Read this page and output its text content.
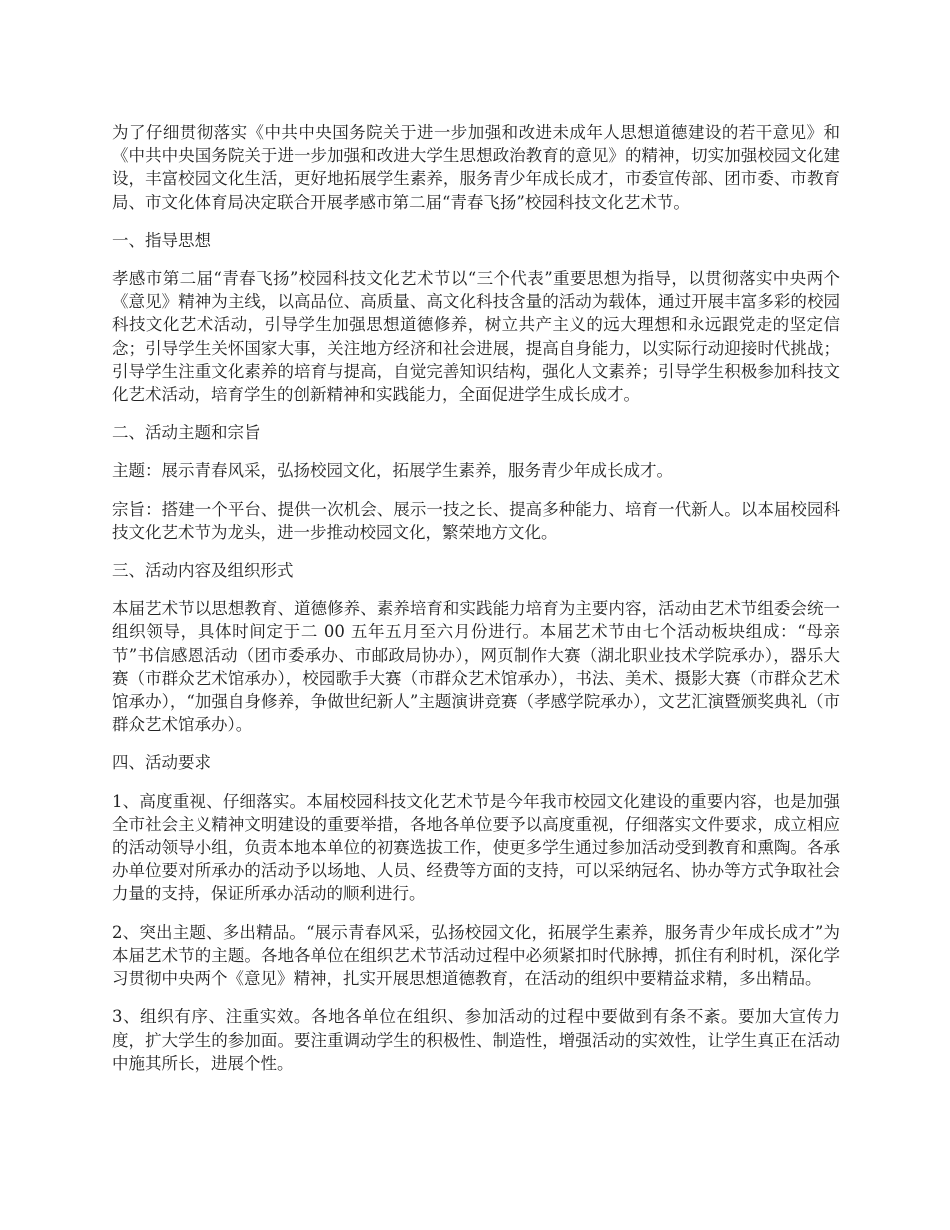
为了仔细贯彻落实《中共中央国务院关于进一步加强和改进未成年人思想道德建设的若干意见》和《中共中央国务院关于进一步加强和改进大学生思想政治教育的意见》的精神，切实加强校园文化建设，丰富校园文化生活，更好地拓展学生素养，服务青少年成长成才，市委宣传部、团市委、市教育局、市文化体育局决定联合开展孝感市第二届“青春飞扬”校园科技文化艺术节。

一、指导思想

孝感市第二届“青春飞扬”校园科技文化艺术节以“三个代表”重要思想为指导，以贯彻落实中央两个《意见》精神为主线，以高品位、高质量、高文化科技含量的活动为载体，通过开展丰富多彩的校园科技文化艺术活动，引导学生加强思想道德修养，树立共产主义的远大理想和永远跟党走的坚定信念；引导学生关怀国家大事，关注地方经济和社会进展，提高自身能力，以实际行动迎接时代挑战；引导学生注重文化素养的培育与提高，自觉完善知识结构，强化人文素养；引导学生积极参加科技文化艺术活动，培育学生的创新精神和实践能力，全面促进学生成长成才。

二、活动主题和宗旨

主题：展示青春风采，弘扬校园文化，拓展学生素养，服务青少年成长成才。

宗旨：搭建一个平台、提供一次机会、展示一技之长、提高多种能力、培育一代新人。以本届校园科技文化艺术节为龙头，进一步推动校园文化，繁荣地方文化。

三、活动内容及组织形式

本届艺术节以思想教育、道德修养、素养培育和实践能力培育为主要内容，活动由艺术节组委会统一组织领导，具体时间定于二 00 五年五月至六月份进行。本届艺术节由七个活动板块组成：“母亲节”书信感恩活动（团市委承办、市邮政局协办），网页制作大赛（湖北职业技术学院承办），器乐大赛（市群众艺术馆承办），校园歌手大赛（市群众艺术馆承办），书法、美术、摄影大赛（市群众艺术馆承办），“加强自身修养，争做世纪新人”主题演讲竞赛（孝感学院承办），文艺汇演暨颁奖典礼（市群众艺术馆承办）。

四、活动要求

1、高度重视、仔细落实。本届校园科技文化艺术节是今年我市校园文化建设的重要内容，也是加强全市社会主义精神文明建设的重要举措，各地各单位要予以高度重视，仔细落实文件要求，成立相应的活动领导小组，负责本地本单位的初赛选拔工作，使更多学生通过参加活动受到教育和熏陶。各承办单位要对所承办的活动予以场地、人员、经费等方面的支持，可以采纳冠名、协办等方式争取社会力量的支持，保证所承办活动的顺利进行。

2、突出主题、多出精品。“展示青春风采，弘扬校园文化，拓展学生素养，服务青少年成长成才”为本届艺术节的主题。各地各单位在组织艺术节活动过程中必须紧扣时代脉搏，抓住有利时机，深化学习贯彻中央两个《意见》精神，扎实开展思想道德教育，在活动的组织中要精益求精，多出精品。

3、组织有序、注重实效。各地各单位在组织、参加活动的过程中要做到有条不紊。要加大宣传力度，扩大学生的参加面。要注重调动学生的积极性、制造性，增强活动的实效性，让学生真正在活动中施其所长，进展个性。
